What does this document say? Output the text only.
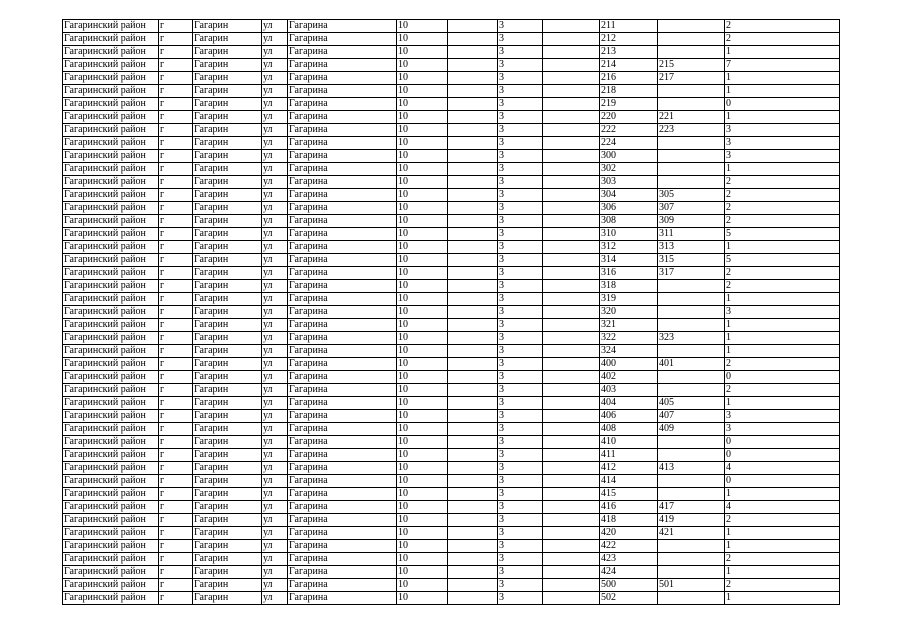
Гагаринский район	г	Гагарин	ул	Гагарина	10		3		211		2
Гагаринский район	г	Гагарин	ул	Гагарина	10		3		212		2
Гагаринский район	г	Гагарин	ул	Гагарина	10		3		213		1
Гагаринский район	г	Гагарин	ул	Гагарина	10		3		214	215	7
Гагаринский район	г	Гагарин	ул	Гагарина	10		3		216	217	1
Гагаринский район	г	Гагарин	ул	Гагарина	10		3		218		1
Гагаринский район	г	Гагарин	ул	Гагарина	10		3		219		0
Гагаринский район	г	Гагарин	ул	Гагарина	10		3		220	221	1
Гагаринский район	г	Гагарин	ул	Гагарина	10		3		222	223	3
Гагаринский район	г	Гагарин	ул	Гагарина	10		3		224		3
Гагаринский район	г	Гагарин	ул	Гагарина	10		3		300		3
Гагаринский район	г	Гагарин	ул	Гагарина	10		3		302		1
Гагаринский район	г	Гагарин	ул	Гагарина	10		3		303		2
Гагаринский район	г	Гагарин	ул	Гагарина	10		3		304	305	2
Гагаринский район	г	Гагарин	ул	Гагарина	10		3		306	307	2
Гагаринский район	г	Гагарин	ул	Гагарина	10		3		308	309	2
Гагаринский район	г	Гагарин	ул	Гагарина	10		3		310	311	5
Гагаринский район	г	Гагарин	ул	Гагарина	10		3		312	313	1
Гагаринский район	г	Гагарин	ул	Гагарина	10		3		314	315	5
Гагаринский район	г	Гагарин	ул	Гагарина	10		3		316	317	2
Гагаринский район	г	Гагарин	ул	Гагарина	10		3		318		2
Гагаринский район	г	Гагарин	ул	Гагарина	10		3		319		1
Гагаринский район	г	Гагарин	ул	Гагарина	10		3		320		3
Гагаринский район	г	Гагарин	ул	Гагарина	10		3		321		1
Гагаринский район	г	Гагарин	ул	Гагарина	10		3		322	323	1
Гагаринский район	г	Гагарин	ул	Гагарина	10		3		324		1
Гагаринский район	г	Гагарин	ул	Гагарина	10		3		400	401	2
Гагаринский район	г	Гагарин	ул	Гагарина	10		3		402		0
Гагаринский район	г	Гагарин	ул	Гагарина	10		3		403		2
Гагаринский район	г	Гагарин	ул	Гагарина	10		3		404	405	1
Гагаринский район	г	Гагарин	ул	Гагарина	10		3		406	407	3
Гагаринский район	г	Гагарин	ул	Гагарина	10		3		408	409	3
Гагаринский район	г	Гагарин	ул	Гагарина	10		3		410		0
Гагаринский район	г	Гагарин	ул	Гагарина	10		3		411		0
Гагаринский район	г	Гагарин	ул	Гагарина	10		3		412	413	4
Гагаринский район	г	Гагарин	ул	Гагарина	10		3		414		0
Гагаринский район	г	Гагарин	ул	Гагарина	10		3		415		1
Гагаринский район	г	Гагарин	ул	Гагарина	10		3		416	417	4
Гагаринский район	г	Гагарин	ул	Гагарина	10		3		418	419	2
Гагаринский район	г	Гагарин	ул	Гагарина	10		3		420	421	1
Гагаринский район	г	Гагарин	ул	Гагарина	10		3		422		1
Гагаринский район	г	Гагарин	ул	Гагарина	10		3		423		2
Гагаринский район	г	Гагарин	ул	Гагарина	10		3		424		1
Гагаринский район	г	Гагарин	ул	Гагарина	10		3		500	501	2
Гагаринский район	г	Гагарин	ул	Гагарина	10		3		502		1
